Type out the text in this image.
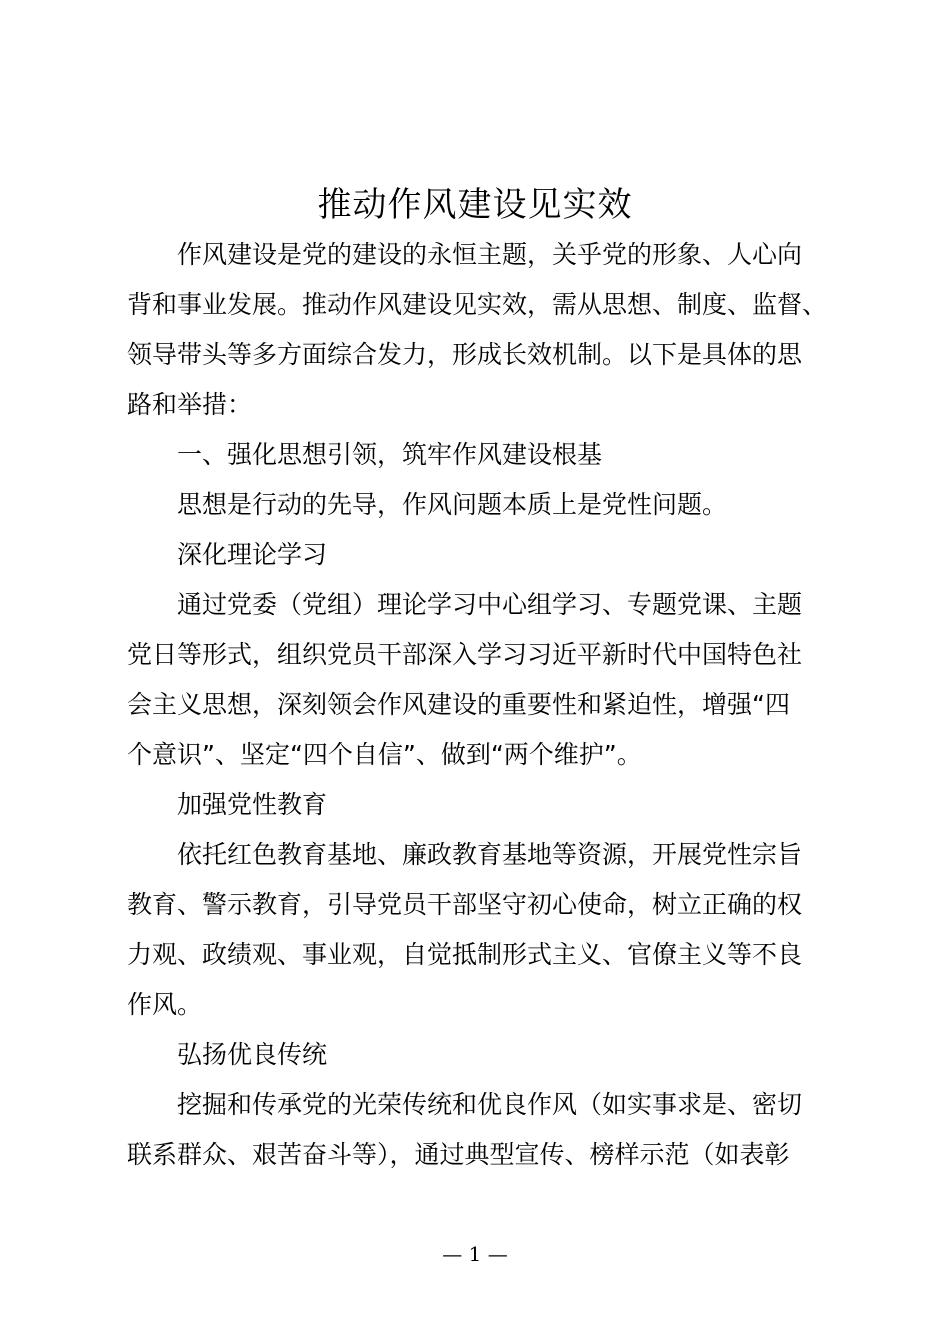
推动作风建设见实效
作风建设是党的建设的永恒主题，关乎党的形象、人心向
背和事业发展。推动作风建设见实效，需从思想、制度、监督、
领导带头等多方面综合发力，形成长效机制。以下是具体的思
路和举措：
一、强化思想引领，筑牢作风建设根基
思想是行动的先导，作风问题本质上是党性问题。
深化理论学习
通过党委（党组）理论学习中心组学习、专题党课、主题
党日等形式，组织党员干部深入学习习近平新时代中国特色社
会主义思想，深刻领会作风建设的重要性和紧迫性，增强“四
个意识”、坚定“四个自信”、做到“两个维护”。
加强党性教育
依托红色教育基地、廉政教育基地等资源，开展党性宗旨
教育、警示教育，引导党员干部坚守初心使命，树立正确的权
力观、政绩观、事业观，自觉抵制形式主义、官僚主义等不良
作风。
弘扬优良传统
挖掘和传承党的光荣传统和优良作风（如实事求是、密切
联系群众、艰苦奋斗等），通过典型宣传、榜样示范（如表彰
— 1 —
